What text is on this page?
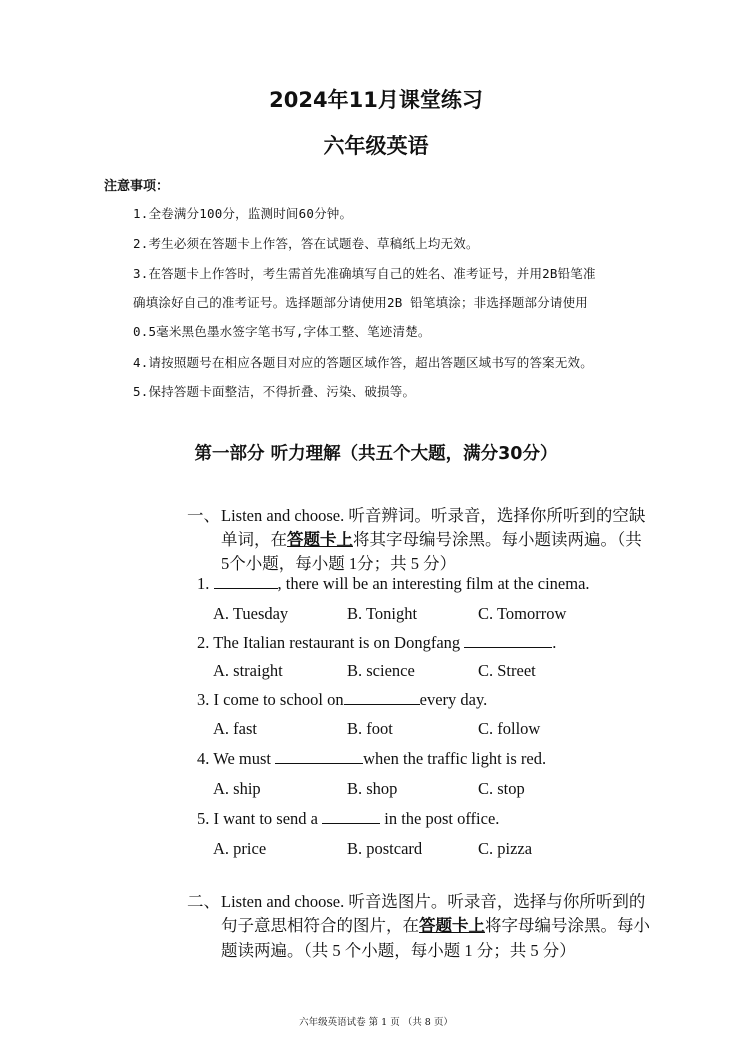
2024年11月课堂练习
六年级英语
注意事项：
1.全卷满分100分，监测时间60分钟。
2.考生必须在答题卡上作答，答在试题卷、草稿纸上均无效。
3.在答题卡上作答时，考生需首先准确填写自己的姓名、准考证号，并用2B铅笔准
确填涂好自己的准考证号。选择题部分请使用2B 铅笔填涂；非选择题部分请使用
0.5毫米黑色墨水签字笔书写,字体工整、笔迹清楚。
4.请按照题号在相应各题目对应的答题区域作答，超出答题区域书写的答案无效。
5.保持答题卡面整洁，不得折叠、污染、破损等。
第一部分 听力理解（共五个大题，满分30分）
一、 Listen and choose. 听音辨词。听录音，选择你所听到的空缺
单词，在答题卡上将其字母编号涂黑。每小题读两遍。（共
5个小题，每小题 1分；共 5 分）
1.	, there will be an interesting film at the cinema.
A. Tuesday	B. Tonight	C. Tomorrow
2. The Italian restaurant is on Dongfang	.
A. straight	B. science	C. Street
3. I come to school on	every day.
A. fast	B. foot	C. follow
4. We must	when the traffic light is red.
A. ship	B. shop	C. stop
5. I want to send a	in the post office.
A. price	B. postcard	C. pizza
二、 Listen and choose. 听音选图片。听录音，选择与你所听到的
句子意思相符合的图片，在答题卡上将字母编号涂黑。每小
题读两遍。（共 5 个小题，每小题 1 分；共 5 分）
六年级英语试卷 第 1 页 （共 8 页）
